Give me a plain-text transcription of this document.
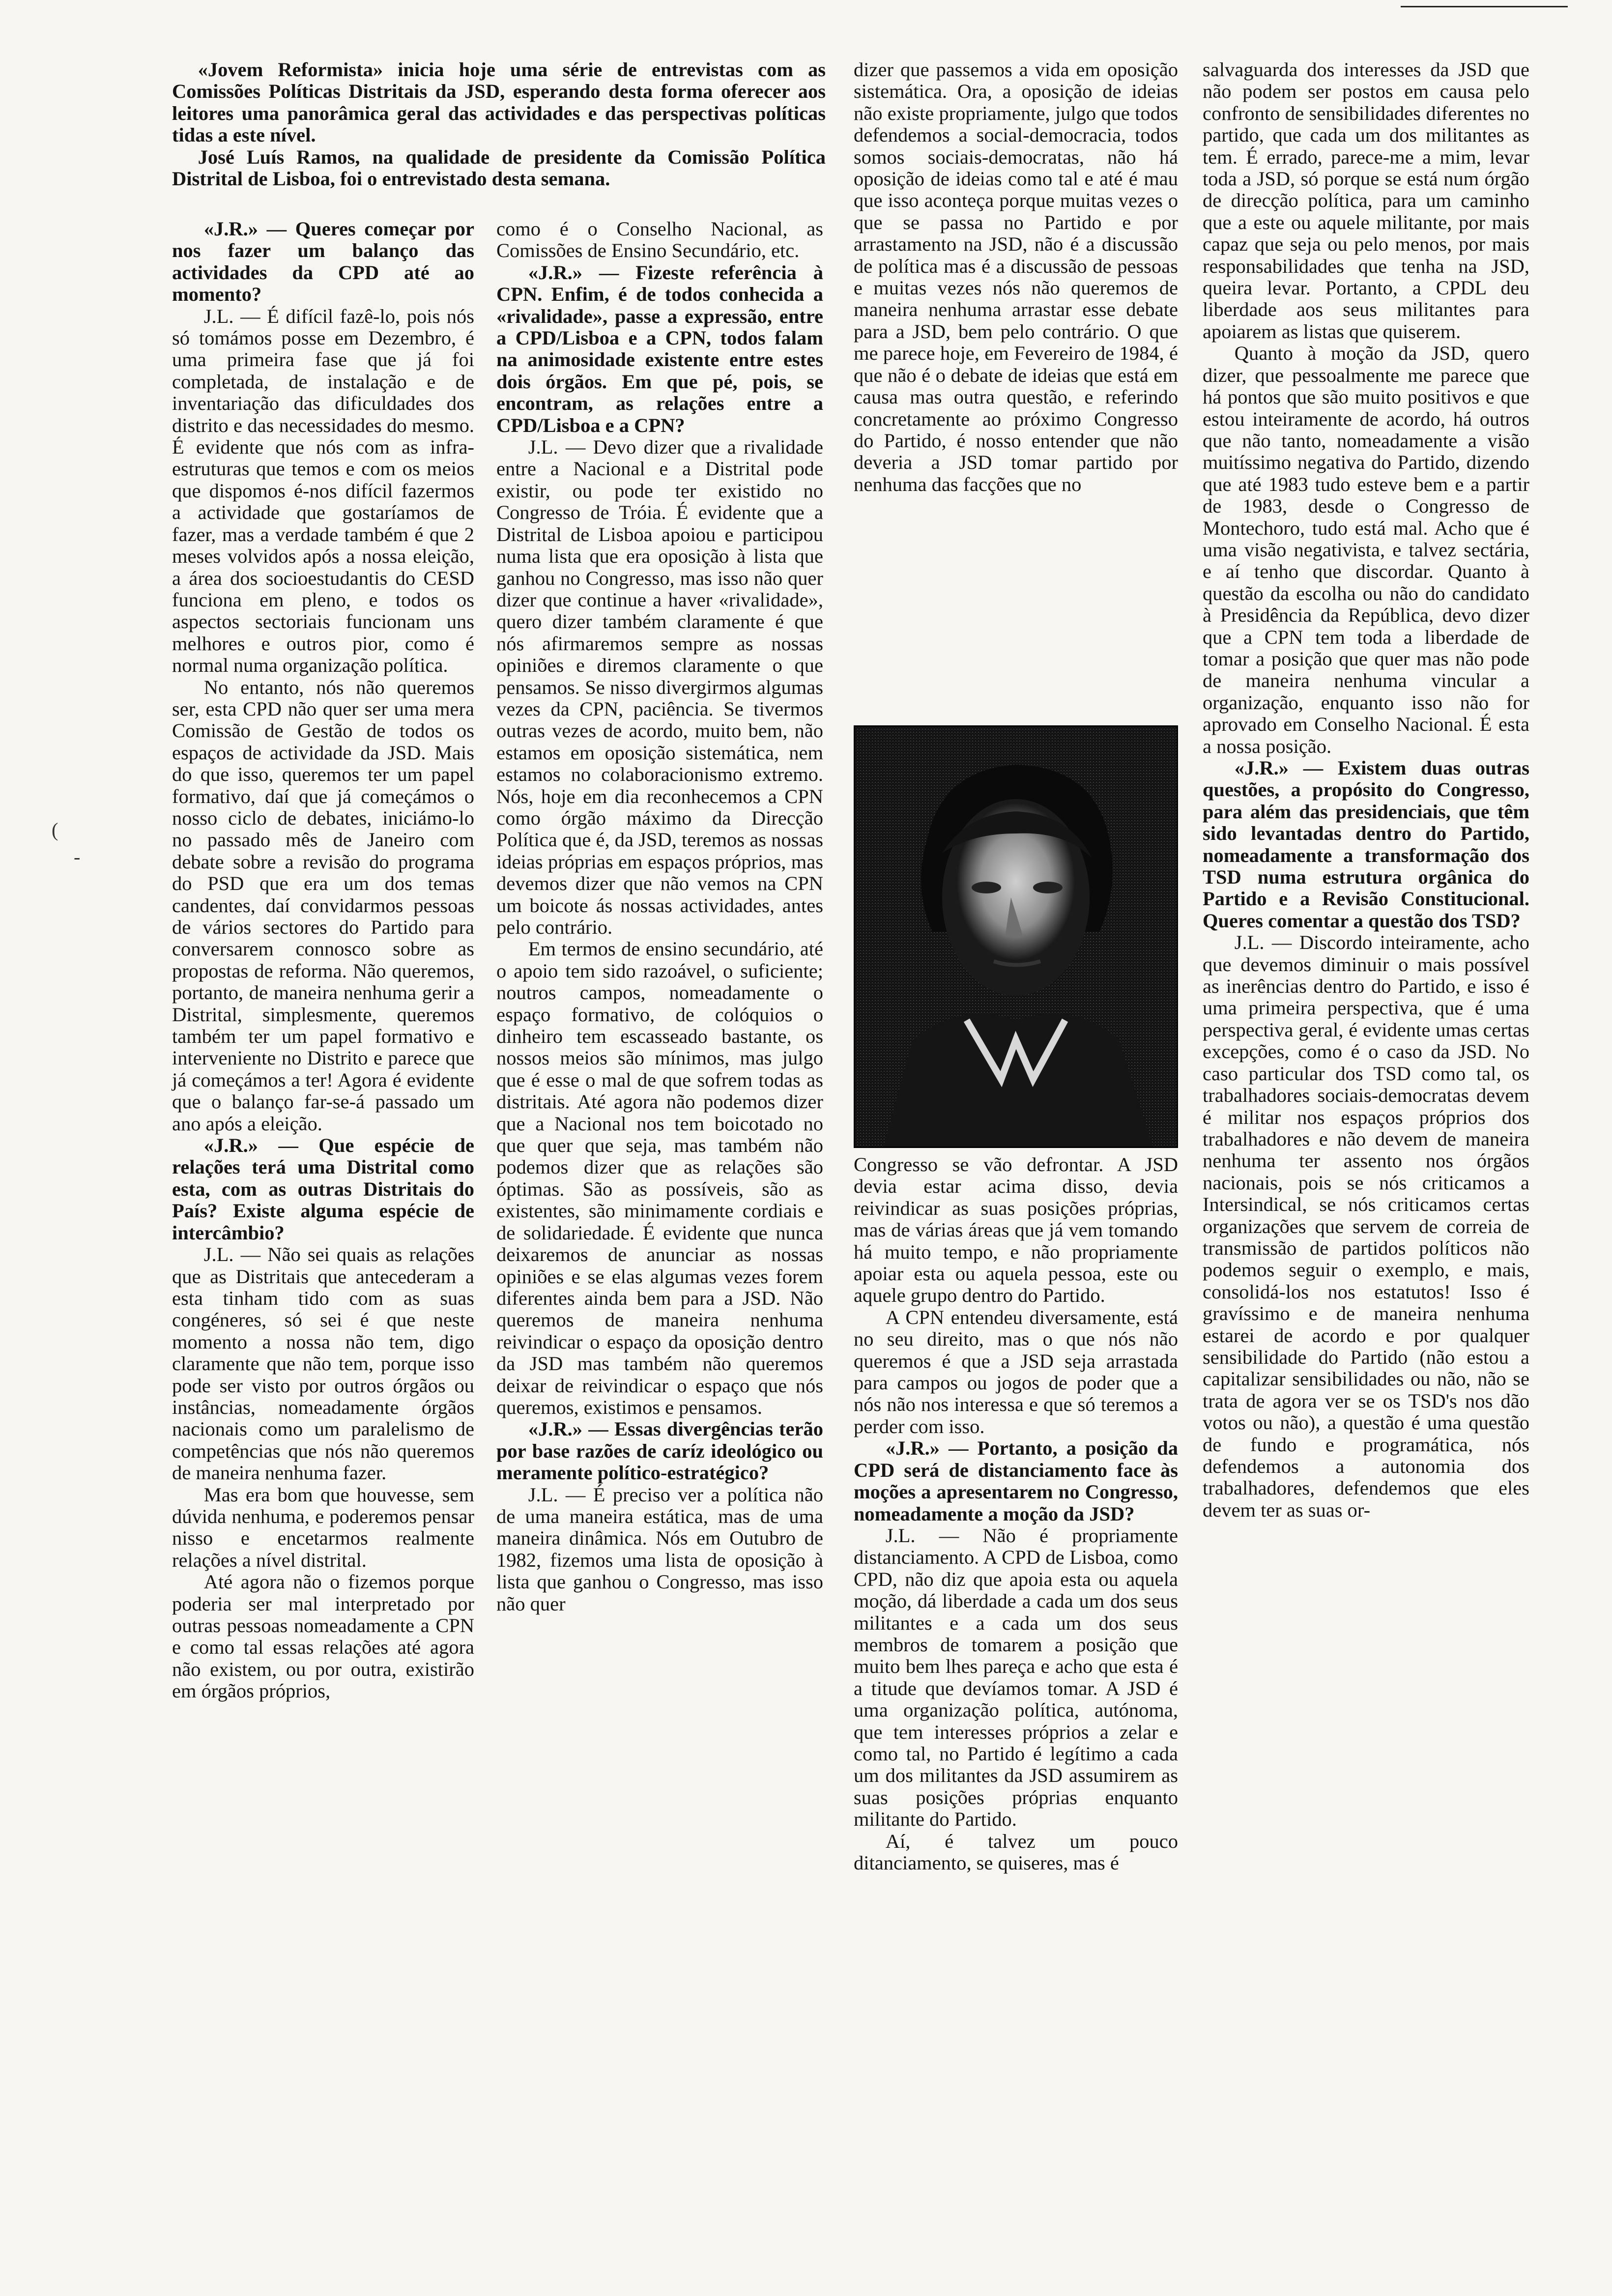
«Jovem Reformista» inicia hoje uma série de entrevistas com as Comissões Políticas Distritais da JSD, esperando desta forma oferecer aos leitores uma panorâmica geral das actividades e das perspectivas políticas tidas a este nível.

José Luís Ramos, na qualidade de presidente da Comissão Política Distrital de Lisboa, foi o entrevistado desta semana.

«J.R.» — Queres começar por nos fazer um balanço das actividades da CPD até ao momento?

J.L. — É difícil fazê-lo, pois nós só tomámos posse em Dezembro, é uma primeira fase que já foi completada, de instalação e de inventariação das dificuldades dos distrito e das necessidades do mesmo. É evidente que nós com as infra-estruturas que temos e com os meios que dispomos é-nos difícil fazermos a actividade que gostaríamos de fazer, mas a verdade também é que 2 meses volvidos após a nossa eleição, a área dos socioestudantis do CESD funciona em pleno, e todos os aspectos sectoriais funcionam uns melhores e outros pior, como é normal numa organização política.

No entanto, nós não queremos ser, esta CPD não quer ser uma mera Comissão de Gestão de todos os espaços de actividade da JSD. Mais do que isso, queremos ter um papel formativo, daí que já começámos o nosso ciclo de debates, iniciámo-lo no passado mês de Janeiro com debate sobre a revisão do programa do PSD que era um dos temas candentes, daí convidarmos pessoas de vários sectores do Partido para conversarem connosco sobre as propostas de reforma. Não queremos, portanto, de maneira nenhuma gerir a Distrital, simplesmente, queremos também ter um papel formativo e interveniente no Distrito e parece que já começámos a ter! Agora é evidente que o balanço far-se-á passado um ano após a eleição.

«J.R.» — Que espécie de relações terá uma Distrital como esta, com as outras Distritais do País? Existe alguma espécie de intercâmbio?

J.L. — Não sei quais as relações que as Distritais que antecederam a esta tinham tido com as suas congéneres, só sei é que neste momento a nossa não tem, digo claramente que não tem, porque isso pode ser visto por outros órgãos ou instâncias, nomeadamente órgãos nacionais como um paralelismo de competências que nós não queremos de maneira nenhuma fazer.

Mas era bom que houvesse, sem dúvida nenhuma, e poderemos pensar nisso e encetarmos realmente relações a nível distrital.

Até agora não o fizemos porque poderia ser mal interpretado por outras pessoas nomeadamente a CPN e como tal essas relações até agora não existem, ou por outra, existirão em órgãos próprios,

como é o Conselho Nacional, as Comissões de Ensino Secundário, etc.

«J.R.» — Fizeste referência à CPN. Enfim, é de todos conhecida a «rivalidade», passe a expressão, entre a CPD/Lisboa e a CPN, todos falam na animosidade existente entre estes dois órgãos. Em que pé, pois, se encontram, as relações entre a CPD/Lisboa e a CPN?

J.L. — Devo dizer que a rivalidade entre a Nacional e a Distrital pode existir, ou pode ter existido no Congresso de Tróia. É evidente que a Distrital de Lisboa apoiou e participou numa lista que era oposição à lista que ganhou no Congresso, mas isso não quer dizer que continue a haver «rivalidade», quero dizer também claramente é que nós afirmaremos sempre as nossas opiniões e diremos claramente o que pensamos. Se nisso divergirmos algumas vezes da CPN, paciência. Se tivermos outras vezes de acordo, muito bem, não estamos em oposição sistemática, nem estamos no colaboracionismo extremo. Nós, hoje em dia reconhecemos a CPN como órgão máximo da Direcção Política que é, da JSD, teremos as nossas ideias próprias em espaços próprios, mas devemos dizer que não vemos na CPN um boicote ás nossas actividades, antes pelo contrário.

Em termos de ensino secundário, até o apoio tem sido razoável, o suficiente; noutros campos, nomeadamente o espaço formativo, de colóquios o dinheiro tem escasseado bastante, os nossos meios são mínimos, mas julgo que é esse o mal de que sofrem todas as distritais. Até agora não podemos dizer que a Nacional nos tem boicotado no que quer que seja, mas também não podemos dizer que as relações são óptimas. São as possíveis, são as existentes, são minimamente cordiais e de solidariedade. É evidente que nunca deixaremos de anunciar as nossas opiniões e se elas algumas vezes forem diferentes ainda bem para a JSD. Não queremos de maneira nenhuma reivindicar o espaço da oposição dentro da JSD mas também não queremos deixar de reivindicar o espaço que nós queremos, existimos e pensamos.

«J.R.» — Essas divergências terão por base razões de caríz ideológico ou meramente político-estratégico?

J.L. — É preciso ver a política não de uma maneira estática, mas de uma maneira dinâmica. Nós em Outubro de 1982, fizemos uma lista de oposição à lista que ganhou o Congresso, mas isso não quer

dizer que passemos a vida em oposição sistemática. Ora, a oposição de ideias não existe propriamente, julgo que todos defendemos a social-democracia, todos somos sociais-democratas, não há oposição de ideias como tal e até é mau que isso aconteça porque muitas vezes o que se passa no Partido e por arrastamento na JSD, não é a discussão de política mas é a discussão de pessoas e muitas vezes nós não queremos de maneira nenhuma arrastar esse debate para a JSD, bem pelo contrário. O que me parece hoje, em Fevereiro de 1984, é que não é o debate de ideias que está em causa mas outra questão, e referindo concretamente ao próximo Congresso do Partido, é nosso entender que não deveria a JSD tomar partido por nenhuma das facções que no

Congresso se vão defrontar. A JSD devia estar acima disso, devia reivindicar as suas posições próprias, mas de várias áreas que já vem tomando há muito tempo, e não propriamente apoiar esta ou aquela pessoa, este ou aquele grupo dentro do Partido.

A CPN entendeu diversamente, está no seu direito, mas o que nós não queremos é que a JSD seja arrastada para campos ou jogos de poder que a nós não nos interessa e que só teremos a perder com isso.

«J.R.» — Portanto, a posição da CPD será de distanciamento face às moções a apresentarem no Congresso, nomeadamente a moção da JSD?

J.L. — Não é propriamente distanciamento. A CPD de Lisboa, como CPD, não diz que apoia esta ou aquela moção, dá liberdade a cada um dos seus militantes e a cada um dos seus membros de tomarem a posição que muito bem lhes pareça e acho que esta é a titude que devíamos tomar. A JSD é uma organização política, autónoma, que tem interesses próprios a zelar e como tal, no Partido é legítimo a cada um dos militantes da JSD assumirem as suas posições próprias enquanto militante do Partido.

Aí, é talvez um pouco ditanciamento, se quiseres, mas é

salvaguarda dos interesses da JSD que não podem ser postos em causa pelo confronto de sensibilidades diferentes no partido, que cada um dos militantes as tem. É errado, parece-me a mim, levar toda a JSD, só porque se está num órgão de direcção política, para um caminho que a este ou aquele militante, por mais capaz que seja ou pelo menos, por mais responsabilidades que tenha na JSD, queira levar. Portanto, a CPDL deu liberdade aos seus militantes para apoiarem as listas que quiserem.

Quanto à moção da JSD, quero dizer, que pessoalmente me parece que há pontos que são muito positivos e que estou inteiramente de acordo, há outros que não tanto, nomeadamente a visão muitíssimo negativa do Partido, dizendo que até 1983 tudo esteve bem e a partir de 1983, desde o Congresso de Montechoro, tudo está mal. Acho que é uma visão negativista, e talvez sectária, e aí tenho que discordar. Quanto à questão da escolha ou não do candidato à Presidência da República, devo dizer que a CPN tem toda a liberdade de tomar a posição que quer mas não pode de maneira nenhuma vincular a organização, enquanto isso não for aprovado em Conselho Nacional. É esta a nossa posição.

«J.R.» — Existem duas outras questões, a propósito do Congresso, para além das presidenciais, que têm sido levantadas dentro do Partido, nomeadamente a transformação dos TSD numa estrutura orgânica do Partido e a Revisão Constitucional. Queres comentar a questão dos TSD?

J.L. — Discordo inteiramente, acho que devemos diminuir o mais possível as inerências dentro do Partido, e isso é uma primeira perspectiva, que é uma perspectiva geral, é evidente umas certas excepções, como é o caso da JSD. No caso particular dos TSD como tal, os trabalhadores sociais-democratas devem é militar nos espaços próprios dos trabalhadores e não devem de maneira nenhuma ter assento nos órgãos nacionais, pois se nós criticamos a Intersindical, se nós criticamos certas organizações que servem de correia de transmissão de partidos políticos não podemos seguir o exemplo, e mais, consolidá-los nos estatutos! Isso é gravíssimo e de maneira nenhuma estarei de acordo e por qualquer sensibilidade do Partido (não estou a capitalizar sensibilidades ou não, não se trata de agora ver se os TSD's nos dão votos ou não), a questão é uma questão de fundo e programática, nós defendemos a autonomia dos trabalhadores, defendemos que eles devem ter as suas or-

(
-
